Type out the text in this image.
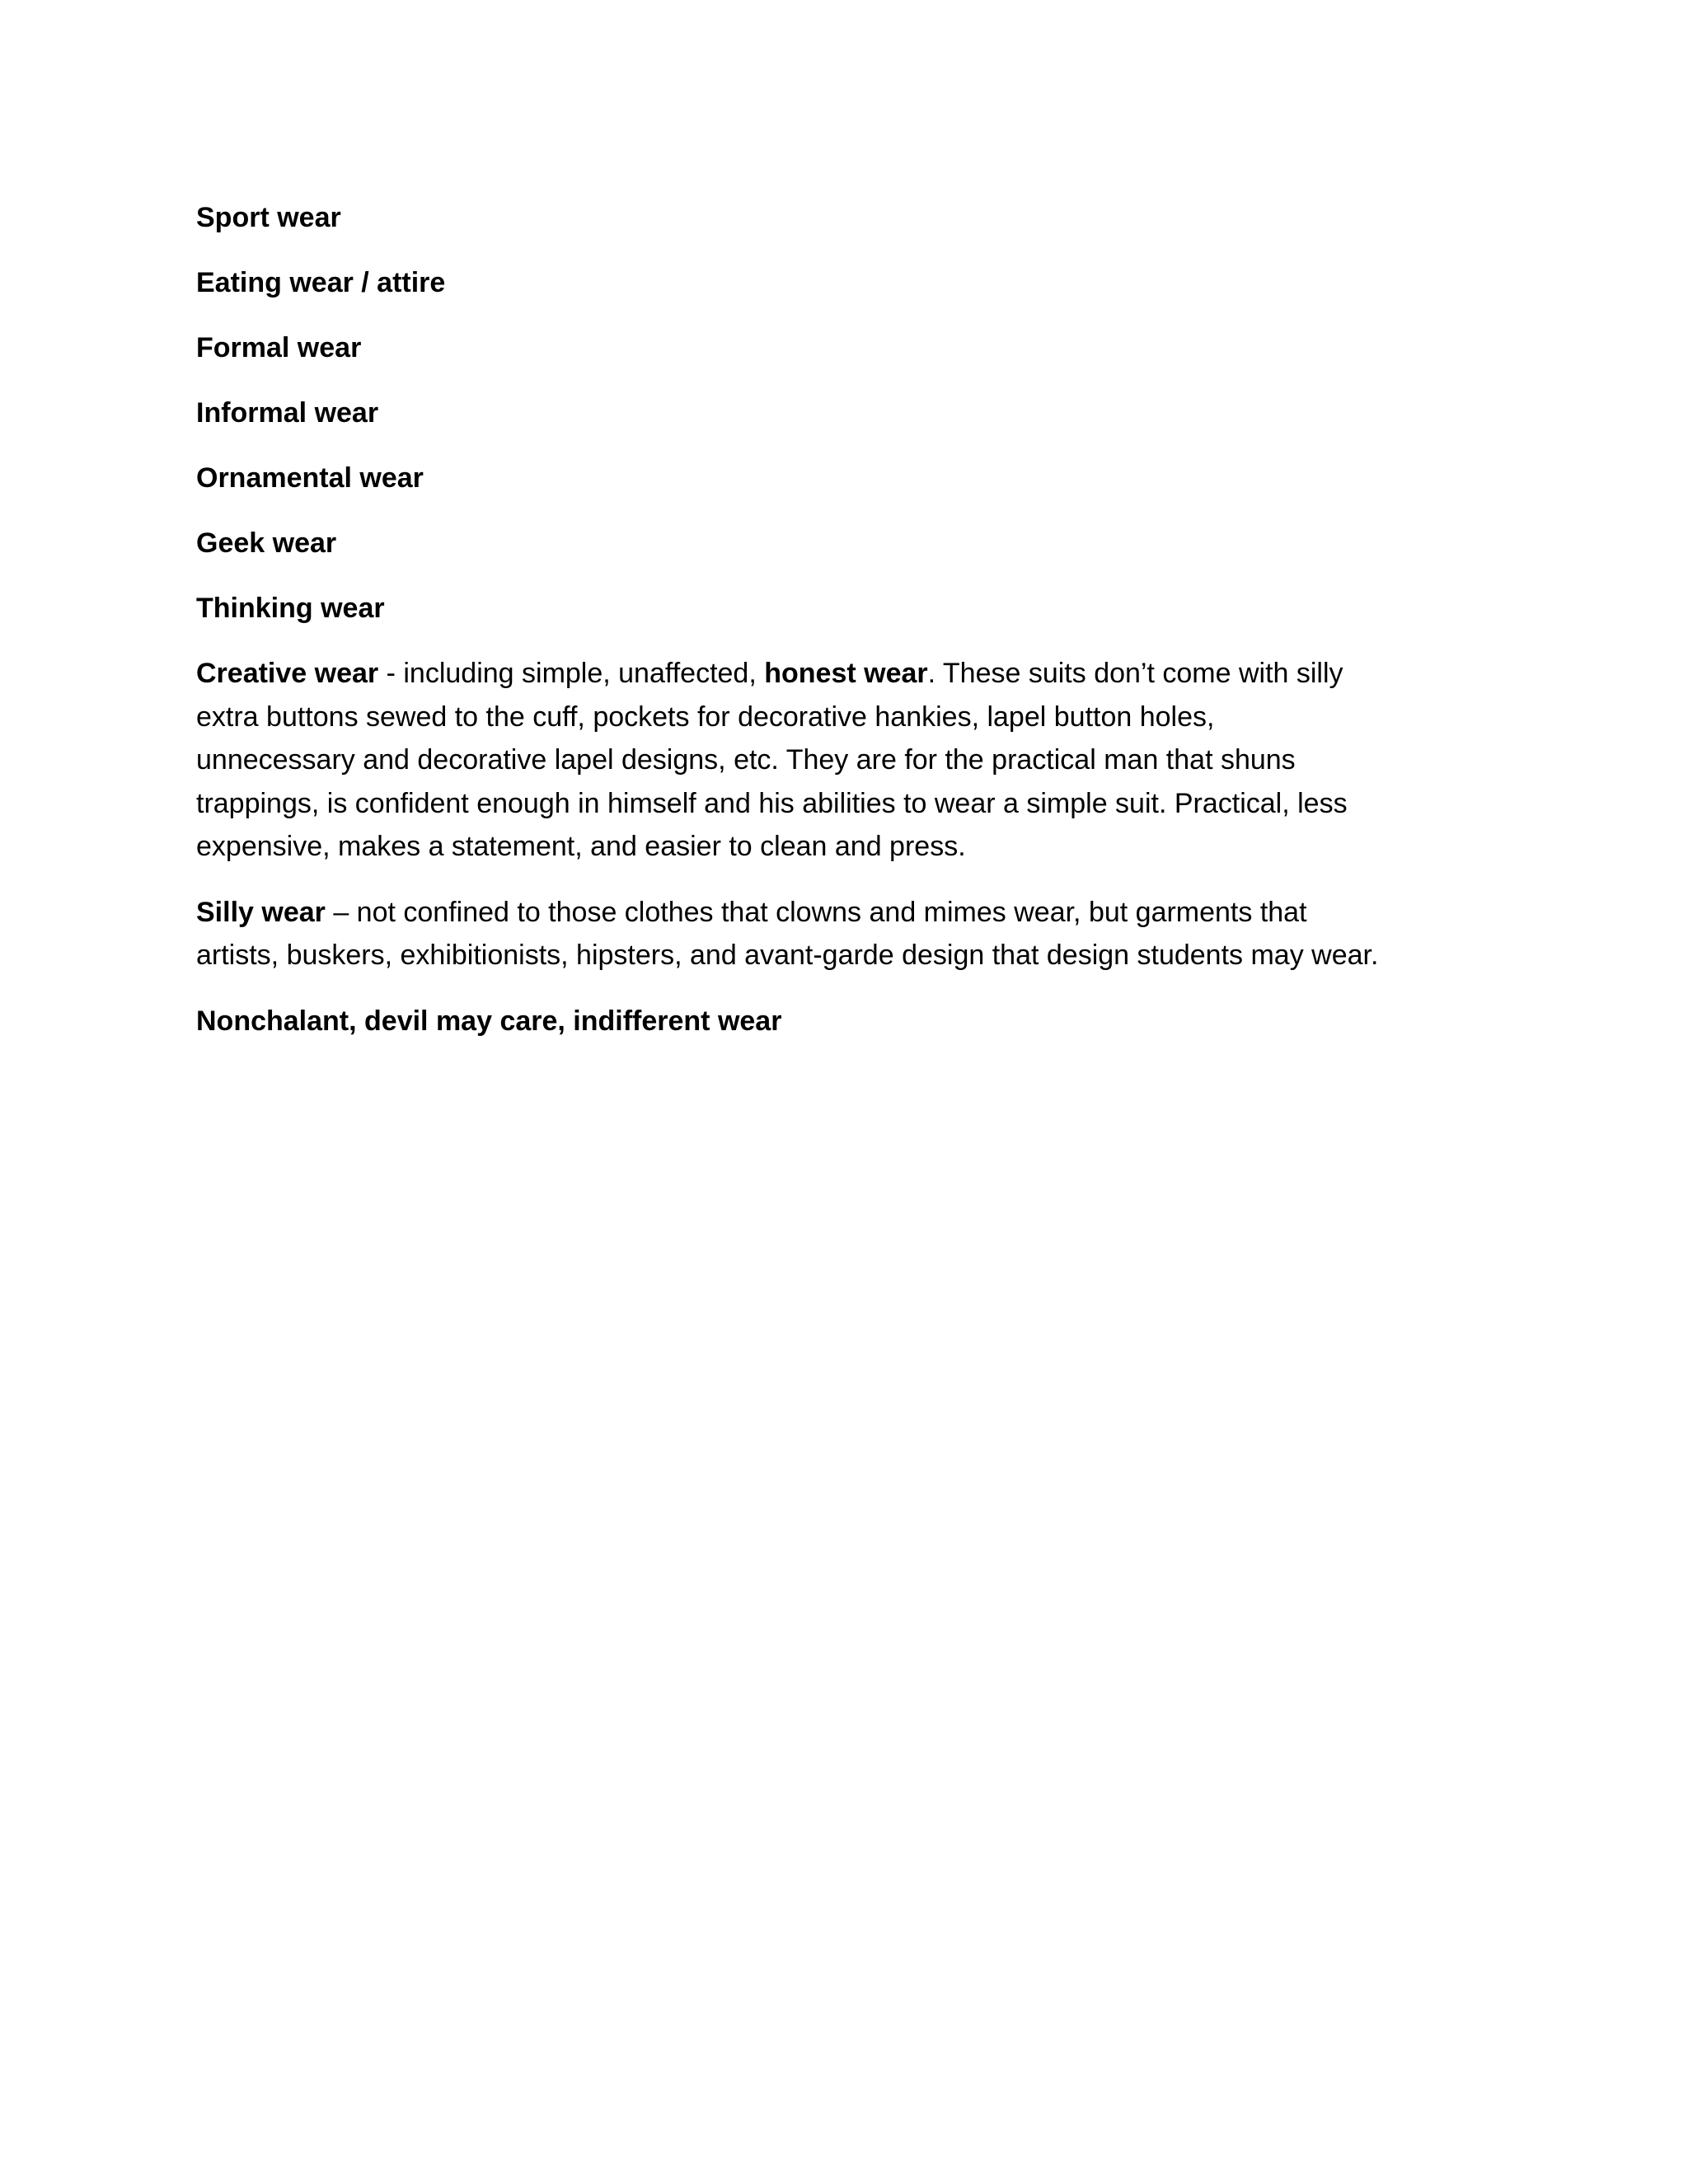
Sport wear

Eating wear / attire

Formal wear

Informal wear

Ornamental wear

Geek wear

Thinking wear

Creative wear - including simple, unaffected, honest wear. These suits don’t come with silly
extra buttons sewed to the cuff, pockets for decorative hankies, lapel button holes,
unnecessary and decorative lapel designs, etc. They are for the practical man that shuns
trappings, is confident enough in himself and his abilities to wear a simple suit. Practical, less
expensive, makes a statement, and easier to clean and press.

Silly wear – not confined to those clothes that clowns and mimes wear, but garments that
artists, buskers, exhibitionists, hipsters, and avant-garde design that design students may wear.

Nonchalant, devil may care, indifferent wear
